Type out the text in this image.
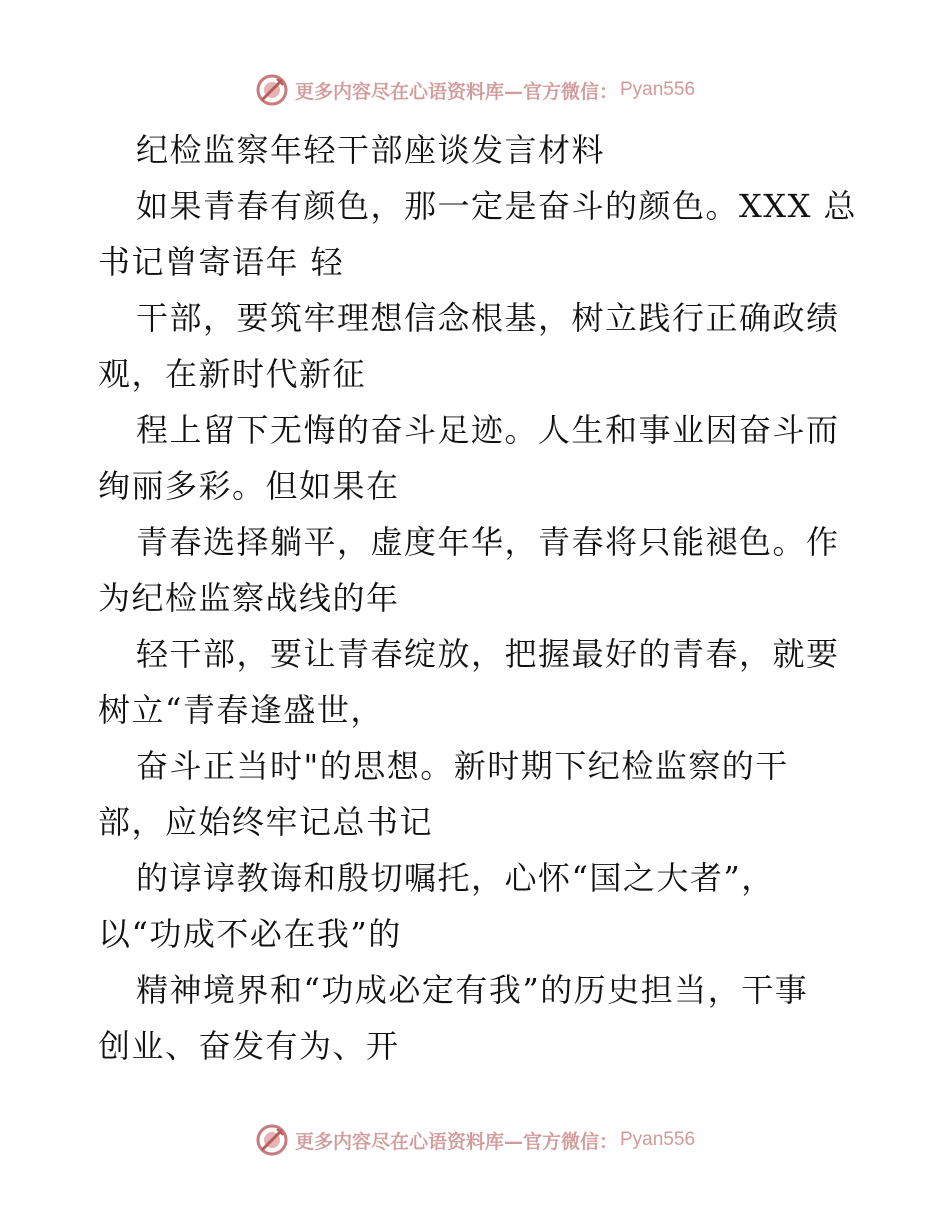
更多内容尽在心语资料库—官方微信： Pyan556
纪检监察年轻干部座谈发言材料
如果青春有颜色，那一定是奋斗的颜色。XXX 总
书记曾寄语年 轻
干部，要筑牢理想信念根基，树立践行正确政绩
观，在新时代新征
程上留下无悔的奋斗足迹。人生和事业因奋斗而
绚丽多彩。但如果在
青春选择躺平，虚度年华，青春将只能褪色。作
为纪检监察战线的年
轻干部，要让青春绽放，把握最好的青春，就要
树立“青春逢盛世，
奋斗正当时"的思想。新时期下纪检监察的干
部，应始终牢记总书记
的谆谆教诲和殷切嘱托，心怀“国之大者”，
以“功成不必在我”的
精神境界和“功成必定有我”的历史担当，干事
创业、奋发有为、开
更多内容尽在心语资料库—官方微信： Pyan556
